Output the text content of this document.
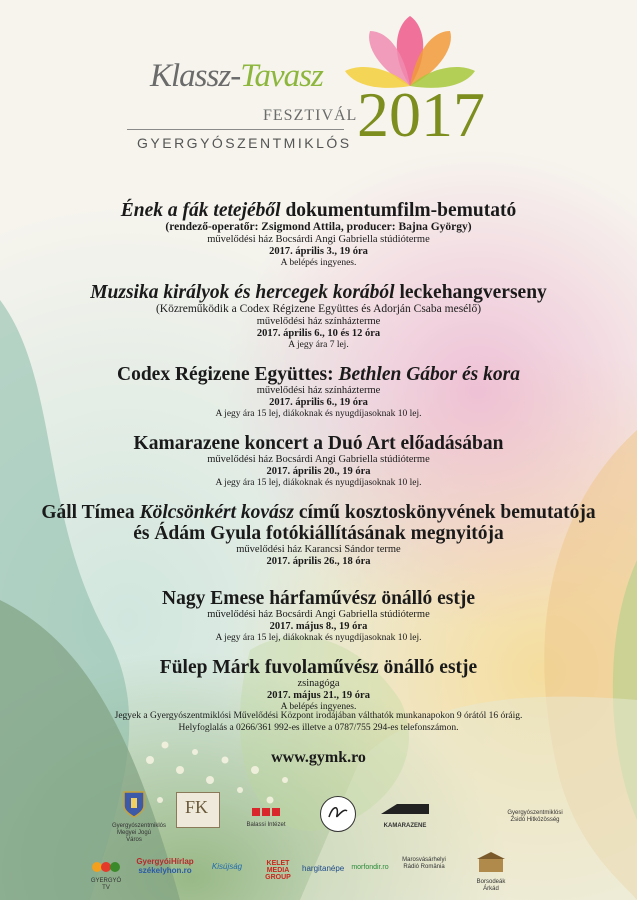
Klassz-Tavasz
FESZTIVÁL
GYERGYÓSZENTMIKLÓS 2017
Ének a fák tetejéből dokumentumfilm-bemutató
(rendező-operatőr: Zsigmond Attila, producer: Bajna György)
művelődési ház Bocsárdi Angi Gabriella stúdióterme
2017. április 3., 19 óra
A belépés ingyenes.
Muzsika királyok és hercegek korából leckehangverseny
(Közreműködik a Codex Régizene Együttes és Adorján Csaba mesélő)
művelődési ház színházterme
2017. április 6., 10 és 12 óra
A jegy ára 7 lej.
Codex Régizene Együttes: Bethlen Gábor és kora
művelődési ház színházterme
2017. április 6., 19 óra
A jegy ára 15 lej, diákoknak és nyugdíjasoknak 10 lej.
Kamarazene koncert a Duó Art előadásában
művelődési ház Bocsárdi Angi Gabriella stúdióterme
2017. április 20., 19 óra
A jegy ára 15 lej, diákoknak és nyugdíjasoknak 10 lej.
Gáll Tímea Kölcsönkért kovász című kosztoskönyvének bemutatója
és Ádám Gyula fotókiállításának megnyitója
művelődési ház Karancsi Sándor terme
2017. április 26., 18 óra
Nagy Emese hárfaművész önálló estje
művelődési ház Bocsárdi Angi Gabriella stúdióterme
2017. május 8., 19 óra
A jegy ára 15 lej, diákoknak és nyugdíjasoknak 10 lej.
Fülep Márk fuvolaművész önálló estje
zsinagóga
2017. május 21., 19 óra
A belépés ingyenes.
Jegyek a Gyergyószentmiklósi Művelődési Központ irodájában válthatók munkanapokon 9 órától 16 óráig.
Helyfoglalás a 0266/361 992-es illetve a 0787/755 294-es telefonszámon.
www.gymk.ro
Gyergyószentmiklós Megyei Jogú Város
FK
Balassi Intézet	KAMARAZENE
Gyergyószentmiklósi Zsidó Hitközösség
GYERGYÓ TV
GyergyóiHírlap
székelyhon.ro	Kisújság	KELET MEDIA GROUP
hargitanépe	morfondir.ro
Marosvásárhelyi Rádió România
Borsodeák Árkád
